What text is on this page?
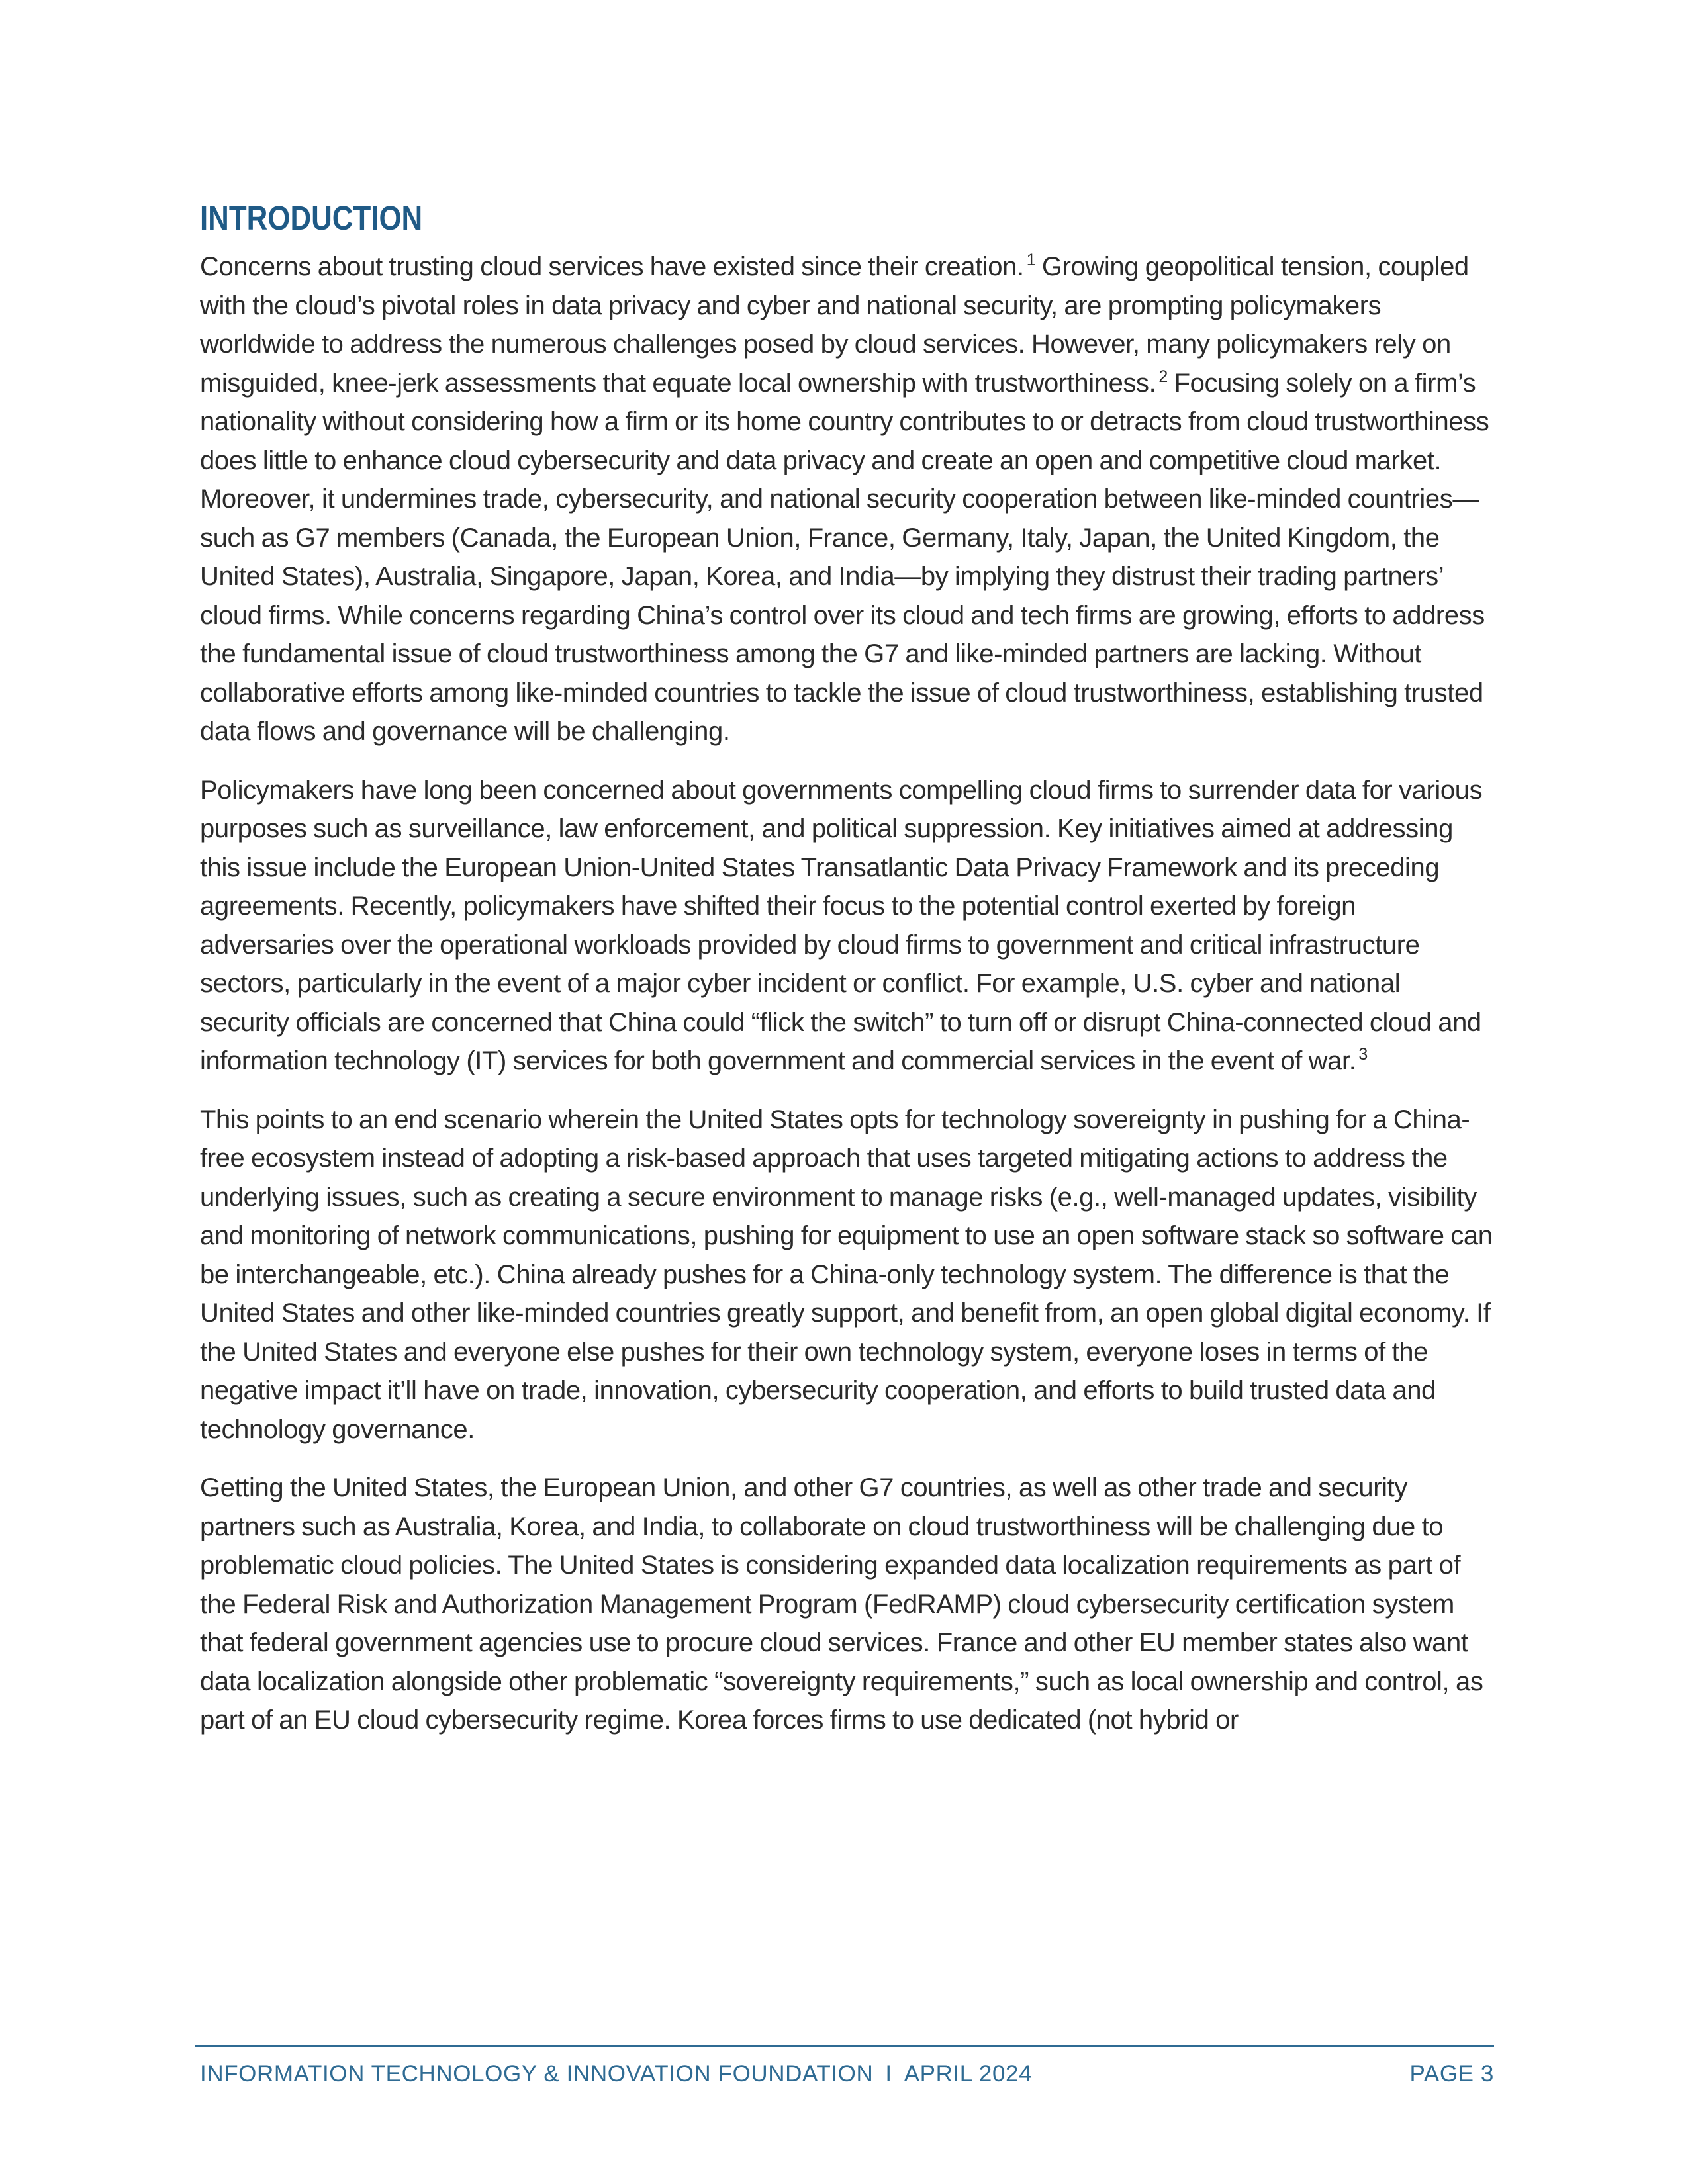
INTRODUCTION

Concerns about trusting cloud services have existed since their creation. $^1$ Growing geopolitical tension, coupled with the cloud’s pivotal roles in data privacy and cyber and national security, are prompting policymakers worldwide to address the numerous challenges posed by cloud services. However, many policymakers rely on misguided, knee-jerk assessments that equate local ownership with trustworthiness. $^2$ Focusing solely on a firm’s nationality without considering how a firm or its home country contributes to or detracts from cloud trustworthiness does little to enhance cloud cybersecurity and data privacy and create an open and competitive cloud market. Moreover, it undermines trade, cybersecurity, and national security cooperation between like-minded countries—such as G7 members (Canada, the European Union, France, Germany, Italy, Japan, the United Kingdom, the United States), Australia, Singapore, Japan, Korea, and India—by implying they distrust their trading partners’ cloud firms. While concerns regarding China’s control over its cloud and tech firms are growing, efforts to address the fundamental issue of cloud trustworthiness among the G7 and like-minded partners are lacking. Without collaborative efforts among like-minded countries to tackle the issue of cloud trustworthiness, establishing trusted data flows and governance will be challenging.

Policymakers have long been concerned about governments compelling cloud firms to surrender data for various purposes such as surveillance, law enforcement, and political suppression. Key initiatives aimed at addressing this issue include the European Union-United States Transatlantic Data Privacy Framework and its preceding agreements. Recently, policymakers have shifted their focus to the potential control exerted by foreign adversaries over the operational workloads provided by cloud firms to government and critical infrastructure sectors, particularly in the event of a major cyber incident or conflict. For example, U.S. cyber and national security officials are concerned that China could “flick the switch” to turn off or disrupt China-connected cloud and information technology (IT) services for both government and commercial services in the event of war. $^3$

This points to an end scenario wherein the United States opts for technology sovereignty in pushing for a China-free ecosystem instead of adopting a risk-based approach that uses targeted mitigating actions to address the underlying issues, such as creating a secure environment to manage risks (e.g., well-managed updates, visibility and monitoring of network communications, pushing for equipment to use an open software stack so software can be interchangeable, etc.). China already pushes for a China-only technology system. The difference is that the United States and other like-minded countries greatly support, and benefit from, an open global digital economy. If the United States and everyone else pushes for their own technology system, everyone loses in terms of the negative impact it’ll have on trade, innovation, cybersecurity cooperation, and efforts to build trusted data and technology governance.

Getting the United States, the European Union, and other G7 countries, as well as other trade and security partners such as Australia, Korea, and India, to collaborate on cloud trustworthiness will be challenging due to problematic cloud policies. The United States is considering expanded data localization requirements as part of the Federal Risk and Authorization Management Program (FedRAMP) cloud cybersecurity certification system that federal government agencies use to procure cloud services. France and other EU member states also want data localization alongside other problematic “sovereignty requirements,” such as local ownership and control, as part of an EU cloud cybersecurity regime. Korea forces firms to use dedicated (not hybrid or

INFORMATION TECHNOLOGY & INNOVATION FOUNDATION I APRIL 2024	PAGE 3
